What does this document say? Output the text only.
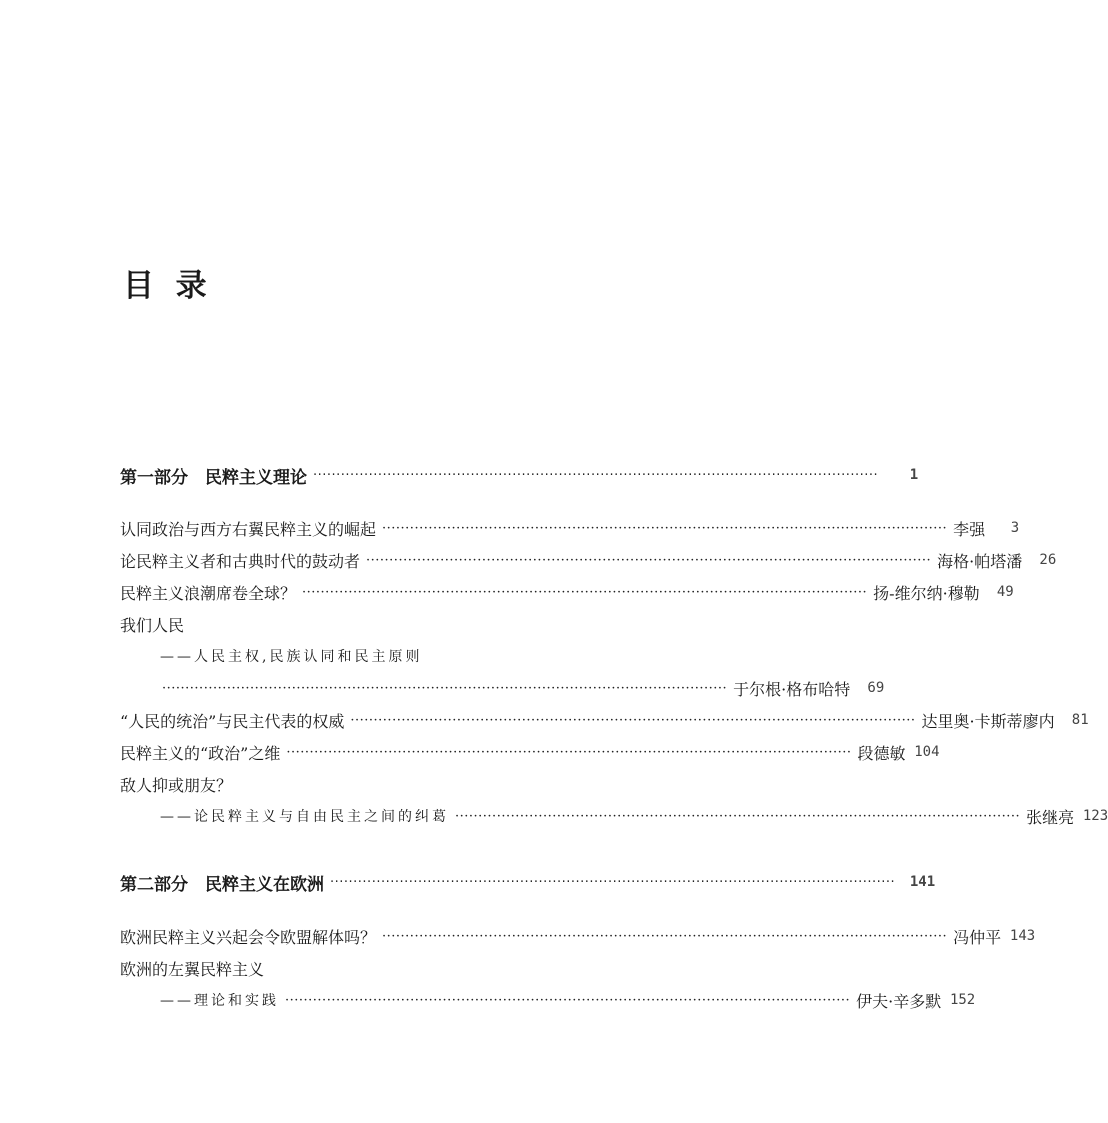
目  录
第一部分　民粹主义理论 ··························································································································	1
认同政治与西方右翼民粹主义的崛起 ·························································································································· 李强	3
论民粹主义者和古典时代的鼓动者 ·························································································································· 海格·帕塔潘	26
民粹主义浪潮席卷全球？ ·························································································································· 扬-维尔纳·穆勒	49
我们人民
——人民主权,民族认同和民主原则
·························································································································· 于尔根·格布哈特	69
“人民的统治”与民主代表的权威 ·························································································································· 达里奥·卡斯蒂廖内	81
民粹主义的“政治”之维 ·························································································································· 段德敏 104
敌人抑或朋友？
——论民粹主义与自由民主之间的纠葛 ·························································································································· 张继亮 123
第二部分　民粹主义在欧洲 ··························································································································	141
欧洲民粹主义兴起会令欧盟解体吗？ ·························································································································· 冯仲平 143
欧洲的左翼民粹主义
——理论和实践 ·························································································································· 伊夫·辛多默 152
